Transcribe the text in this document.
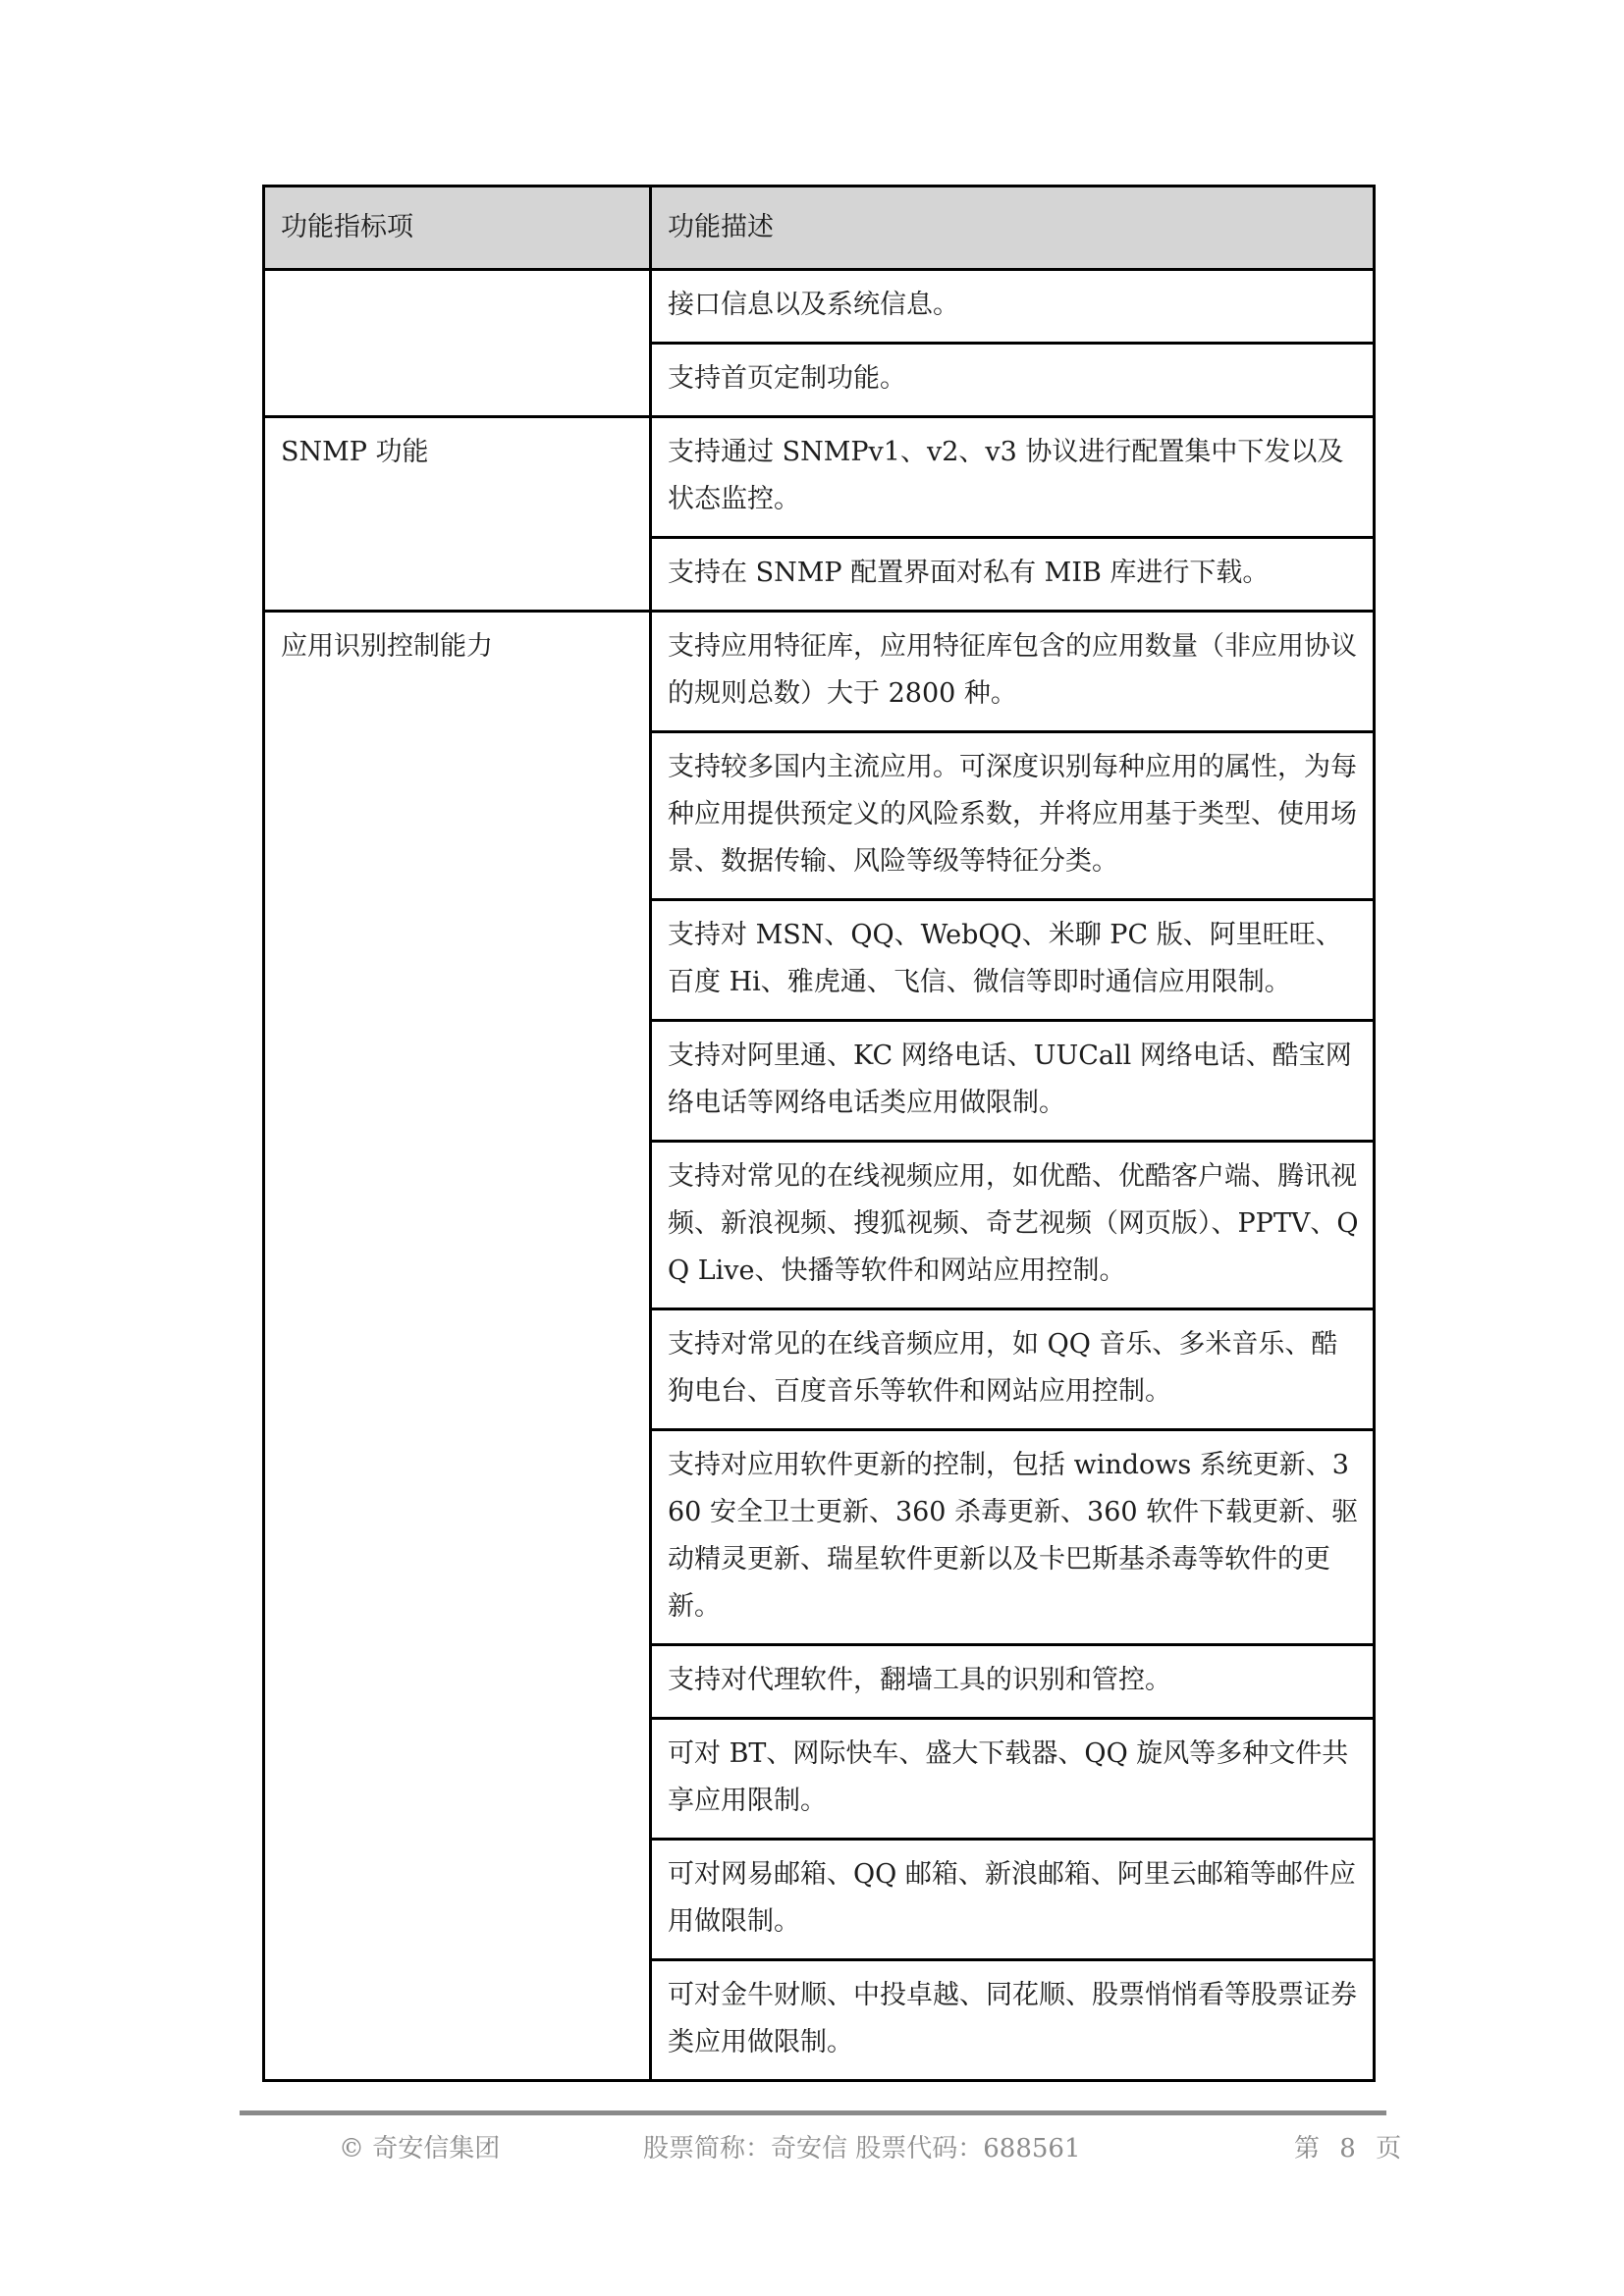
功能指标项	功能描述
	接口信息以及系统信息。
	支持首页定制功能。
SNMP 功能	支持通过 SNMPv1、v2、v3 协议进行配置集中下发以及状态监控。
	支持在 SNMP 配置界面对私有 MIB 库进行下载。
应用识别控制能力	支持应用特征库，应用特征库包含的应用数量（非应用协议的规则总数）大于 2800 种。
	支持较多国内主流应用。可深度识别每种应用的属性，为每种应用提供预定义的风险系数，并将应用基于类型、使用场景、数据传输、风险等级等特征分类。
	支持对 MSN、QQ、WebQQ、米聊 PC 版、阿里旺旺、百度 Hi、雅虎通、飞信、微信等即时通信应用限制。
	支持对阿里通、KC 网络电话、UUCall 网络电话、酷宝网络电话等网络电话类应用做限制。
	支持对常见的在线视频应用，如优酷、优酷客户端、腾讯视频、新浪视频、搜狐视频、奇艺视频（网页版）、PPTV、QQ Live、快播等软件和网站应用控制。
	支持对常见的在线音频应用，如 QQ 音乐、多米音乐、酷狗电台、百度音乐等软件和网站应用控制。
	支持对应用软件更新的控制，包括 windows 系统更新、360 安全卫士更新、360 杀毒更新、360 软件下载更新、驱动精灵更新、瑞星软件更新以及卡巴斯基杀毒等软件的更新。
	支持对代理软件，翻墙工具的识别和管控。
	可对 BT、网际快车、盛大下载器、QQ 旋风等多种文件共享应用限制。
	可对网易邮箱、QQ 邮箱、新浪邮箱、阿里云邮箱等邮件应用做限制。
	可对金牛财顺、中投卓越、同花顺、股票悄悄看等股票证券类应用做限制。
© 奇安信集团	股票简称：奇安信 股票代码：688561	第 8 页
